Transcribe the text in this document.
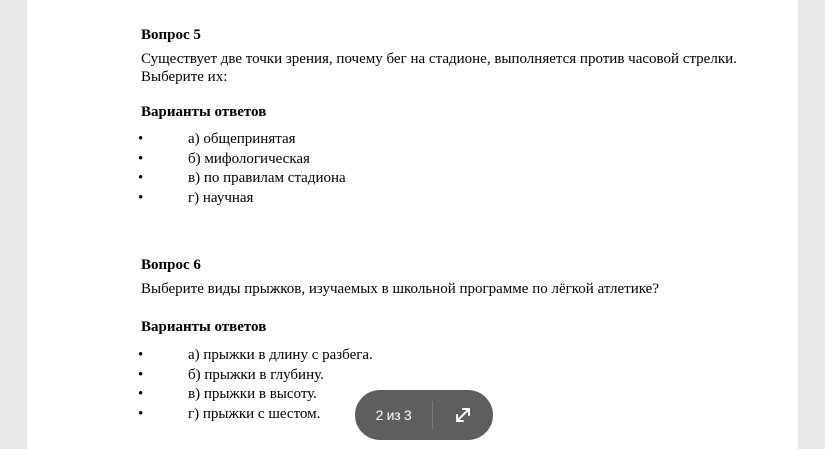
Вопрос 5

Существует две точки зрения, почему бег на стадионе, выполняется против часовой стрелки. Выберите их:

Варианты ответов

•	а) общепринятая
•	б) мифологическая
•	в) по правилам стадиона
•	г) научная

Вопрос 6

Выберите виды прыжков, изучаемых в школьной программе по лёгкой атлетике?

Варианты ответов

•	а) прыжки в длину с разбега.
•	б) прыжки в глубину.
•	в) прыжки в высоту.
•	г) прыжки с шестом.	2 из 3
